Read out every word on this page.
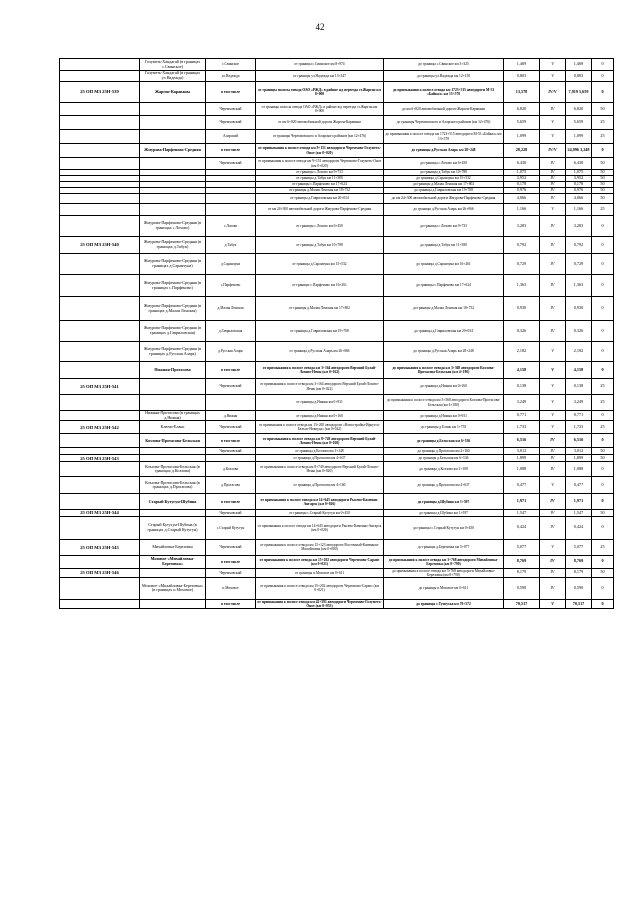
42
	Голуметь-Хандагай (в границах с.Свинское)	с.Свинское	от границы с.Свинское км 8+974	до границы с.Свинское км 3+325	1,469	V	1,469	0
	Голуметь-Хандагай (в границах ул.Надежда)	ул.Надежда	от границы ул.Надежда км 13+347	до границы ул.Надежда км 12+150	0,803	V	0,803	0
25 ОП МЗ 25Н-539	Жаргон-Караваны	в том числе	от границы полосы отвода ОАО «РЖД» в районе жд переезда ст.Жаргон км 8+000	до примыкания к полосе отвода км 1723+515 автодороги М-53 «Байкал» км 13+578	13,578	IV/V	7,919 5,659	0
		Черемховский	от границы полосы отвода ОАО «РЖД» в районе жд переезда ст.Жаргон км 0+000	до км 6+820 автомобильной дороги Жаргон-Караваны	6,820	IV	6,820	50
		Черемховский	от км 6+820 автомобильной дороги Жаргон-Караваны	до границы Черемховского и Аларского районов (км 12+476)	5,659	V	5,659	25
		Аларский	от границы Черемховского и Аларского районов (км 12+476)	до примыкания к полосе отвода км 1723+515 автодороги М-53 «Байкал» км 13+578	1,099	V	1,099	25
	Жмурова-Парфеново-Средняя	в том числе	от примыкания к полосе отвода км 9+151 автодороги Черемхово-Голуметь-Онот (км 0+020)	до границы д.Русская Аларь км 28+248	28,228	IV/V	24,996 3,248	0
		Черемховский	от примыкания к полосе отвода км 9+151 автодороги Черемхово-Голуметь-Онот (км 0+020)	до границы с.Лохово км 6+450	6,430	IV	6,430	50
			от границы с.Лохово км 9+733	до границы д.Табук км 10+788	1,075	IV	1,075	50
			от границы д.Табук км 11+580	до границы д.Саранчуна км 15+532	3,952	IV	3,952	50
			от границы с.Парфеново км 17+624	до границы д.Малая Ленская км 17+802	0,178	IV	0,178	50
			от границы д.Малая Ленская км 18+732	до границы д.Гавриловская км 19+708	0,976	IV	0,976	50
			от границы д.Гавриловская км 20+034	до км 24+300 автомобильной дороги Жмурова-Парфеново-Средняя	4,066	IV	4,066	50
			от км 24+300 автомобильной дороги Жмурова-Парфеново-Средняя	до границы д.Русская Аларь км 26+066	1,166	V	1,166	25
	Жмурова-Парфеново-Средняя (в границах с.Лохово)	с.Лохово	от границы с.Лохово км 6+450	до границы с.Лохово км 9+733	3,283	IV	3,283	0
25 ОП МЗ 25Н-540	Жмурова-Парфеново-Средняя (в границах д.Табук)	д.Табук	от границы д.Табук км 10+788	до границы д.Табук км 11+580	0,792	IV	0,792	0
	Жмурова-Парфеново-Средняя (в границах д.Саранчуна)	д.Саранчуна	от границы д.Саранчуна км 15+532	до границы д.Саранчуна км 16+261	0,729	IV	0,729	0
	Жмурова-Парфеново-Средняя (в границах с.Парфеново)	с.Парфеново	от границы с.Парфеново км 16+261	до границы с.Парфеново км 17+624	1,363	IV	1,363	0
	Жмурова-Парфеново-Средняя (в границах д.Малая Ленская)	д.Малая Ленская	от границы д.Малая Ленская км 17+802	до границы д.Малая Ленская км 18+732	0,930	IV	0,930	0
	Жмурова-Парфеново-Средняя (в границах д.Гавриловская)	д.Гавриловская	от границы д.Гавриловская км 19+708	до границы д.Гавриловская км 20+034	0,326	IV	0,326	0
	Жмурова-Парфеново-Средняя (в границах д.Русская Аларь)	д.Русская Аларь	от границы д.Русская Аларь км 26+066	до границы д.Русская Аларь км 28+248	2,182	V	2,182	0
	Нижняя-Протасова	в том числе	от примыкания к полосе отвода км 3+164 автодороги Верхний Булай-Лохово-Нены (км 0+022)	до примыкания к полосе отвода км 3+368 автодороги Козлова-Протасова-Бельская (км 4+190)	4,158	V	4,158	0
25 ОП МЗ 25Н-541		Черемховский	от примыкания к полосе отвода км 3+164 автодороги Верхний Булай-Лохово-Нены (км 0+022)	до границы д.Нижня км 0+160	0,138	V	0,138	25
			от границы д.Нижня км 0+931	до примыкания к полосе отвода км 3+368 автодороги Козлова-Протасова-Бельская (км 4+180)	3,249	V	3,249	25
	Нижняя-Протасова (в границах д.Нижня)	д.Нижня	от границы д.Нижня км 0+160	до границы д.Нижня км 0+931	0,771	V	0,771	0
25 ОП МЗ 25Н-542	Ключи-Елань	Черемховский	от примыкания к полосе отвода км 13+265 автодороги «Новостройка-Иркутск-Бельск-Новоуда» (км 0+022)	до границы д.Елань км 1+755	1,733	V	1,733	25
	Козлова-Протасова-Бельская	в том числе	от примыкания к полосе отвода км 8+749 автодороги Верхний Булай-Лохово-Нены (км 0+020)	до границы д.Бельская км 6+536	6,516	IV	6,516	0
		Черемховский	от границы д.Козлова км 1+148	до границы д.Протасова км 4+160	3,012	IV	3,012	50
25 ОП МЗ 25Н-543			от границы д.Протасова км 4+637	до границы д.Бельская км 6+536	1,899	IV	1,899	50
	Козлова-Протасова-Бельская (в границах д.Козлова)	д.Козлова	от примыкания к полосе отвода км 8+749 автодороги Верхний Булай-Лохово-Нены (км 0+020)	до границы д.Козлова км 1+108	1,088	IV	1,088	0
	Козлова-Протасова-Бельская (в границах д.Протасова)	д.Протасова	от границы д.Протасова км 4+160	до границы д.Протасова км 4+637	0,477	V	0,477	0
	Старый Кутугун-Шубина	в том числе	от примыкания к полосе отвода км 14+645 автодороги Рысево-Каменно-Ангарск (км 0+026)	до границы д.Шубина км 1+597	1,971	IV	1,971	0
25 ОП МЗ 25Н-544		Черемховский	от границы с.Старый Кутугун км 0+450	до границы д.Шубина км 1+597	1,547	IV	1,547	50
	Старый Кутугун-Шубина (в границах д.Старый Кутугун)	с.Старый Кутугун	от примыкания к полосе отвода км 14+645 автодороги Рысево-Каменно-Ангарск (км 0+026)	до границы с.Старый Кутугун км 0+450	0,424	IV	0,424	0
25 ОП МЗ 25Н-545	Михайловка-Березовка	Черемховский	от примыкания к полосе отвода км 15+123 автодороги Восточный-Каменная-Михайловка (км 0+000)	до границы д.Березовка км 5+077	5,077	V	5,077	25
	Моховое-«Михайловка-Березовка»	в том числе	от примыкания к полосе отвода км 15+202 автодороги Черемхово-Сарапс (км 0+021)	до примыкания к полосе отвода км 3+768 автодороги Михайловка-Березовка (км 8+790)	8,769	IV	8,769	0
25 ОП МЗ 25Н-546		Черемховский	от границы п.Моховое км 0+611	до примыкания к полосе отвода км 3+768 автодороги Михайловка-Березовка (км 8+790)	8,179	IV	8,179	50
	Моховое-«Михайловка-Березовка» (в границах п.Моховое)	п.Моховое	от примыкания к полосе отвода км 15+202 автодороги Черемхово-Сарапс (км 0+021)	до границы п.Моховое км 0+611	0,590	IV	0,590	0
		в том числе	от примыкания к полосе отвода км 42+591 автодороги Черемхово-Голуметь-Онот (км 0+053)	до границы с.Тунгуска км 70+572	70,517	V	70,517	0
